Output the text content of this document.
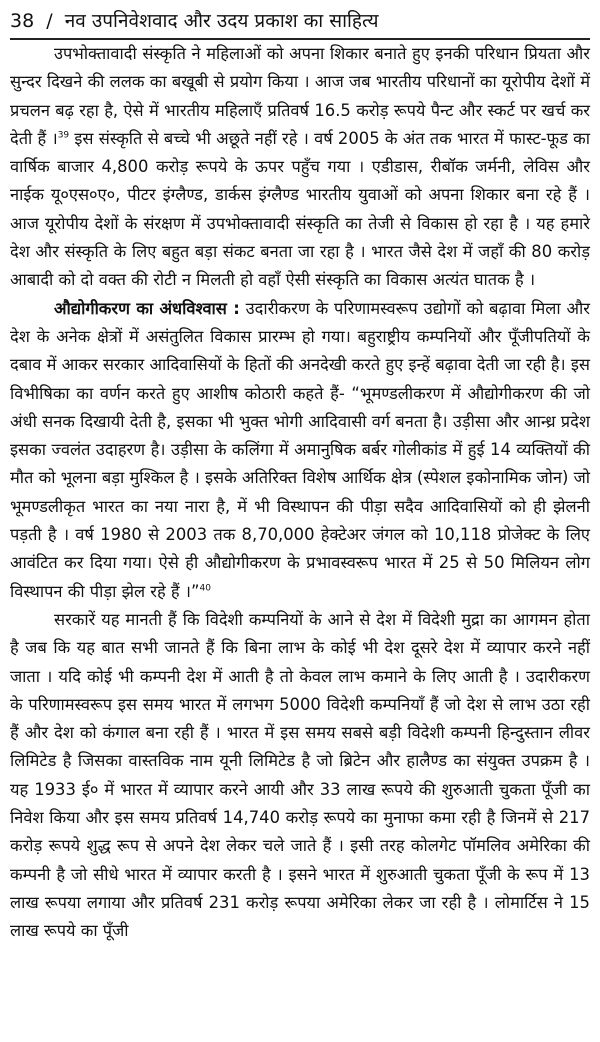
38 / नव उपनिवेशवाद और उदय प्रकाश का साहित्य

उपभोक्तावादी संस्कृति ने महिलाओं को अपना शिकार बनाते हुए इनकी परिधान प्रियता और सुन्दर दिखने की ललक का बखूबी से प्रयोग किया । आज जब भारतीय परिधानों का यूरोपीय देशों में प्रचलन बढ़ रहा है, ऐसे में भारतीय महिलाएँ प्रतिवर्ष 16.5 करोड़ रूपये पैन्ट और स्कर्ट पर खर्च कर देती हैं ।$^{39}$ इस संस्कृति से बच्चे भी अछूते नहीं रहे । वर्ष 2005 के अंत तक भारत में फास्ट-फूड का वार्षिक बाजार 4,800 करोड़ रूपये के ऊपर पहुँच गया । एडीडास, रीबॉक जर्मनी, लेविस और नाईक यू०एस०ए०, पीटर इंग्लैण्ड, डार्कस इंग्लैण्ड भारतीय युवाओं को अपना शिकार बना रहे हैं । आज यूरोपीय देशों के संरक्षण में उपभोक्तावादी संस्कृति का तेजी से विकास हो रहा है । यह हमारे देश और संस्कृति के लिए बहुत बड़ा संकट बनता जा रहा है । भारत जैसे देश में जहाँ की 80 करोड़ आबादी को दो वक्त की रोटी न मिलती हो वहाँ ऐसी संस्कृति का विकास अत्यंत घातक है ।

औद्योगीकरण का अंधविश्वास : उदारीकरण के परिणामस्वरूप उद्योगों को बढ़ावा मिला और देश के अनेक क्षेत्रों में असंतुलित विकास प्रारम्भ हो गया। बहुराष्ट्रीय कम्पनियों और पूँजीपतियों के दबाव में आकर सरकार आदिवासियों के हितों की अनदेखी करते हुए इन्हें बढ़ावा देती जा रही है। इस विभीषिका का वर्णन करते हुए आशीष कोठारी कहते हैं- “भूमण्डलीकरण में औद्योगीकरण की जो अंधी सनक दिखायी देती है, इसका भी भुक्त भोगी आदिवासी वर्ग बनता है। उड़ीसा और आन्ध्र प्रदेश इसका ज्वलंत उदाहरण है। उड़ीसा के कलिंगा में अमानुषिक बर्बर गोलीकांड में हुई 14 व्यक्तियों की मौत को भूलना बड़ा मुश्किल है । इसके अतिरिक्त विशेष आर्थिक क्षेत्र (स्पेशल इकोनामिक जोन) जो भूमण्डलीकृत भारत का नया नारा है, में भी विस्थापन की पीड़ा सदैव आदिवासियों को ही झेलनी पड़ती है । वर्ष 1980 से 2003 तक 8,70,000 हेक्टेअर जंगल को 10,118 प्रोजेक्ट के लिए आवंटित कर दिया गया। ऐसे ही औद्योगीकरण के प्रभावस्वरूप भारत में 25 से 50 मिलियन लोग विस्थापन की पीड़ा झेल रहे हैं ।”$^{40}$

सरकारें यह मानती हैं कि विदेशी कम्पनियों के आने से देश में विदेशी मुद्रा का आगमन होता है जब कि यह बात सभी जानते हैं कि बिना लाभ के कोई भी देश दूसरे देश में व्यापार करने नहीं जाता । यदि कोई भी कम्पनी देश में आती है तो केवल लाभ कमाने के लिए आती है । उदारीकरण के परिणामस्वरूप इस समय भारत में लगभग 5000 विदेशी कम्पनियाँ हैं जो देश से लाभ उठा रही हैं और देश को कंगाल बना रही हैं । भारत में इस समय सबसे बड़ी विदेशी कम्पनी हिन्दुस्तान लीवर लिमिटेड है जिसका वास्तविक नाम यूनी लिमिटेड है जो ब्रिटेन और हालैण्ड का संयुक्त उपक्रम है । यह 1933 ई० में भारत में व्यापार करने आयी और 33 लाख रूपये की शुरुआती चुकता पूँजी का निवेश किया और इस समय प्रतिवर्ष 14,740 करोड़ रूपये का मुनाफा कमा रही है जिनमें से 217 करोड़ रूपये शुद्ध रूप से अपने देश लेकर चले जाते हैं । इसी तरह कोलगेट पॉमलिव अमेरिका की कम्पनी है जो सीधे भारत में व्यापार करती है । इसने भारत में शुरुआती चुकता पूँजी के रूप में 13 लाख रूपया लगाया और प्रतिवर्ष 231 करोड़ रूपया अमेरिका लेकर जा रही है । लोमार्टिस ने 15 लाख रूपये का पूँजी
